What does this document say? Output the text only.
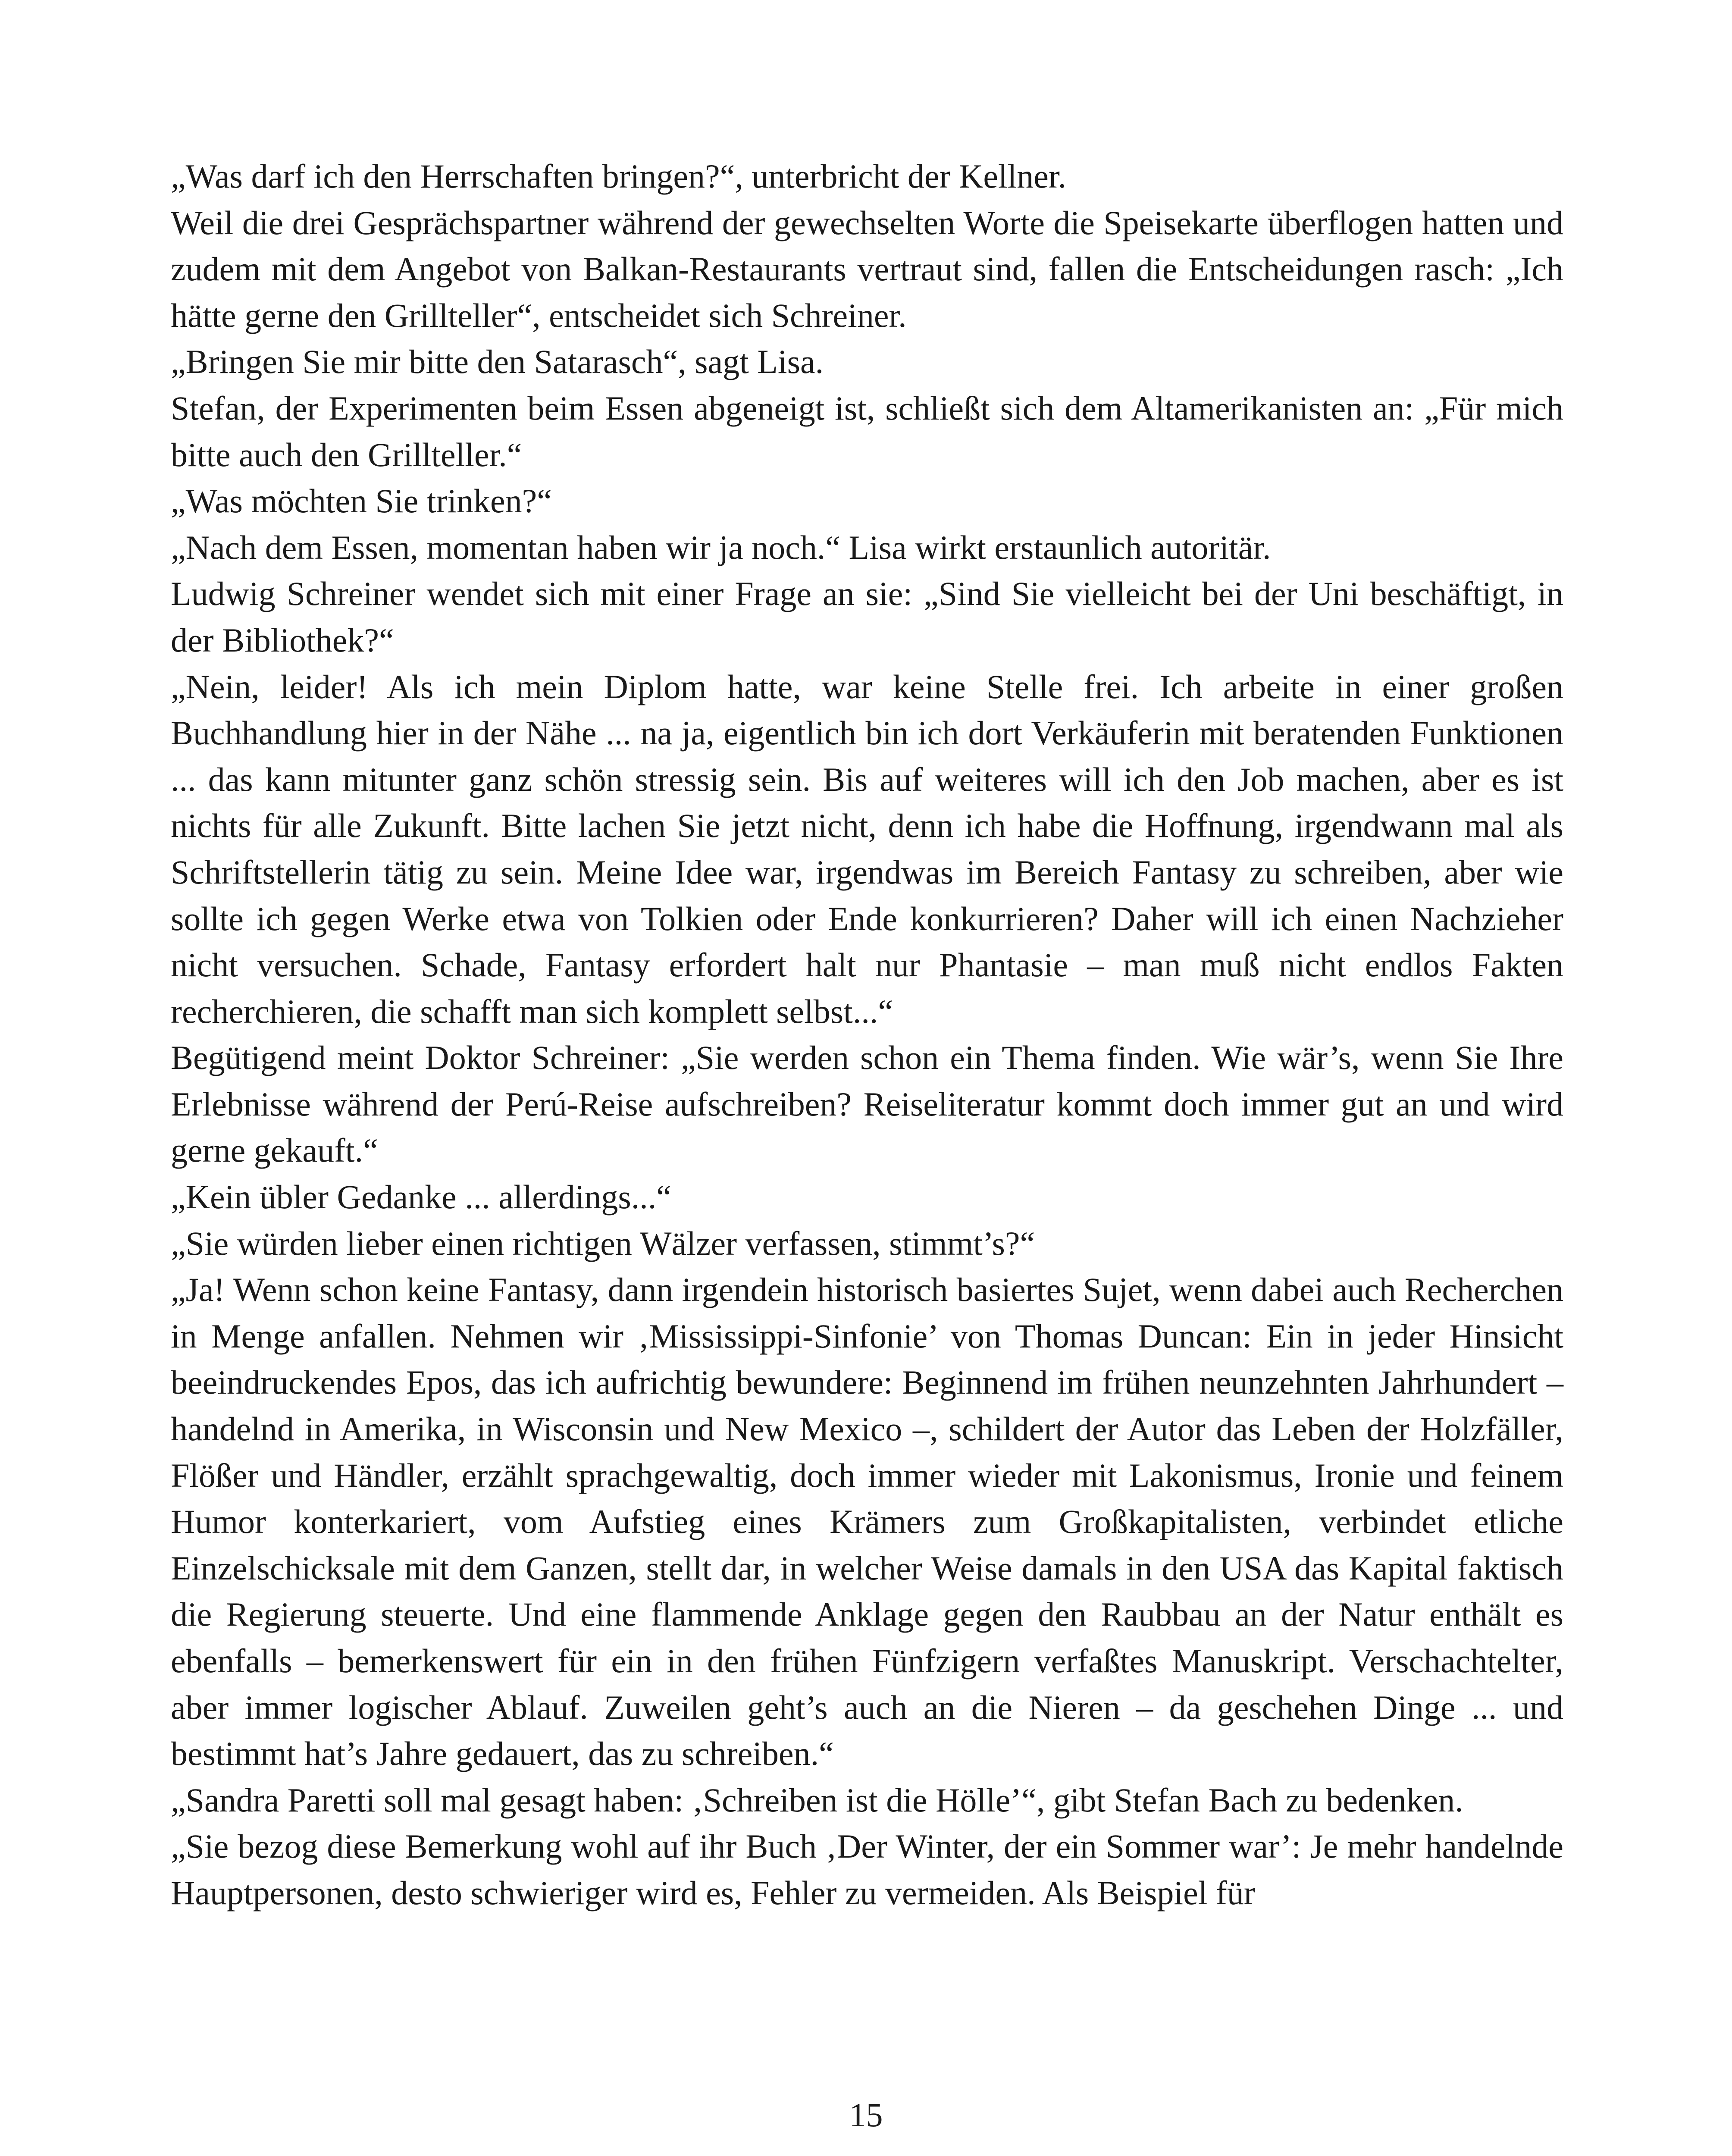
„Was darf ich den Herrschaften bringen?“, unterbricht der Kellner.

Weil die drei Gesprächspartner während der gewechselten Worte die Speisekarte überflogen hatten und zudem mit dem Angebot von Balkan-Restaurants vertraut sind, fallen die Entscheidungen rasch: „Ich hätte gerne den Grillteller“, entscheidet sich Schreiner.

„Bringen Sie mir bitte den Satarasch“, sagt Lisa.

Stefan, der Experimenten beim Essen abgeneigt ist, schließt sich dem Altamerikanisten an: „Für mich bitte auch den Grillteller.“

„Was möchten Sie trinken?“

„Nach dem Essen, momentan haben wir ja noch.“ Lisa wirkt erstaunlich autoritär.

Ludwig Schreiner wendet sich mit einer Frage an sie: „Sind Sie vielleicht bei der Uni beschäftigt, in der Bibliothek?“

„Nein, leider! Als ich mein Diplom hatte, war keine Stelle frei. Ich arbeite in einer großen Buchhandlung hier in der Nähe ... na ja, eigentlich bin ich dort Verkäuferin mit beratenden Funktionen ... das kann mitunter ganz schön stressig sein. Bis auf weiteres will ich den Job machen, aber es ist nichts für alle Zukunft. Bitte lachen Sie jetzt nicht, denn ich habe die Hoffnung, irgendwann mal als Schriftstellerin tätig zu sein. Meine Idee war, irgendwas im Bereich Fantasy zu schreiben, aber wie sollte ich gegen Werke etwa von Tolkien oder Ende konkurrieren? Daher will ich einen Nachzieher nicht versuchen. Schade, Fantasy erfordert halt nur Phantasie – man muß nicht endlos Fakten recherchieren, die schafft man sich komplett selbst...“

Begütigend meint Doktor Schreiner: „Sie werden schon ein Thema finden. Wie wär’s, wenn Sie Ihre Erlebnisse während der Perú-Reise aufschreiben? Reiseliteratur kommt doch immer gut an und wird gerne gekauft.“

„Kein übler Gedanke ... allerdings...“

„Sie würden lieber einen richtigen Wälzer verfassen, stimmt’s?“

„Ja! Wenn schon keine Fantasy, dann irgendein historisch basiertes Sujet, wenn dabei auch Recherchen in Menge anfallen. Nehmen wir ‚Mississippi-Sinfonie’ von Thomas Duncan: Ein in jeder Hinsicht beeindruckendes Epos, das ich aufrichtig bewundere: Beginnend im frühen neunzehnten Jahrhundert – handelnd in Amerika, in Wisconsin und New Mexico –, schildert der Autor das Leben der Holzfäller, Flößer und Händler, erzählt sprachgewaltig, doch immer wieder mit Lakonismus, Ironie und feinem Humor konterkariert, vom Aufstieg eines Krämers zum Großkapitalisten, verbindet etliche Einzelschicksale mit dem Ganzen, stellt dar, in welcher Weise damals in den USA das Kapital faktisch die Regierung steuerte. Und eine flammende Anklage gegen den Raubbau an der Natur enthält es ebenfalls – bemerkenswert für ein in den frühen Fünfzigern verfaßtes Manuskript. Verschachtelter, aber immer logischer Ablauf. Zuweilen geht’s auch an die Nieren – da geschehen Dinge ... und bestimmt hat’s Jahre gedauert, das zu schreiben.“

„Sandra Paretti soll mal gesagt haben: ‚Schreiben ist die Hölle’“, gibt Stefan Bach zu bedenken.

„Sie bezog diese Bemerkung wohl auf ihr Buch ‚Der Winter, der ein Sommer war’: Je mehr handelnde Hauptpersonen, desto schwieriger wird es, Fehler zu vermeiden. Als Beispiel für

15
